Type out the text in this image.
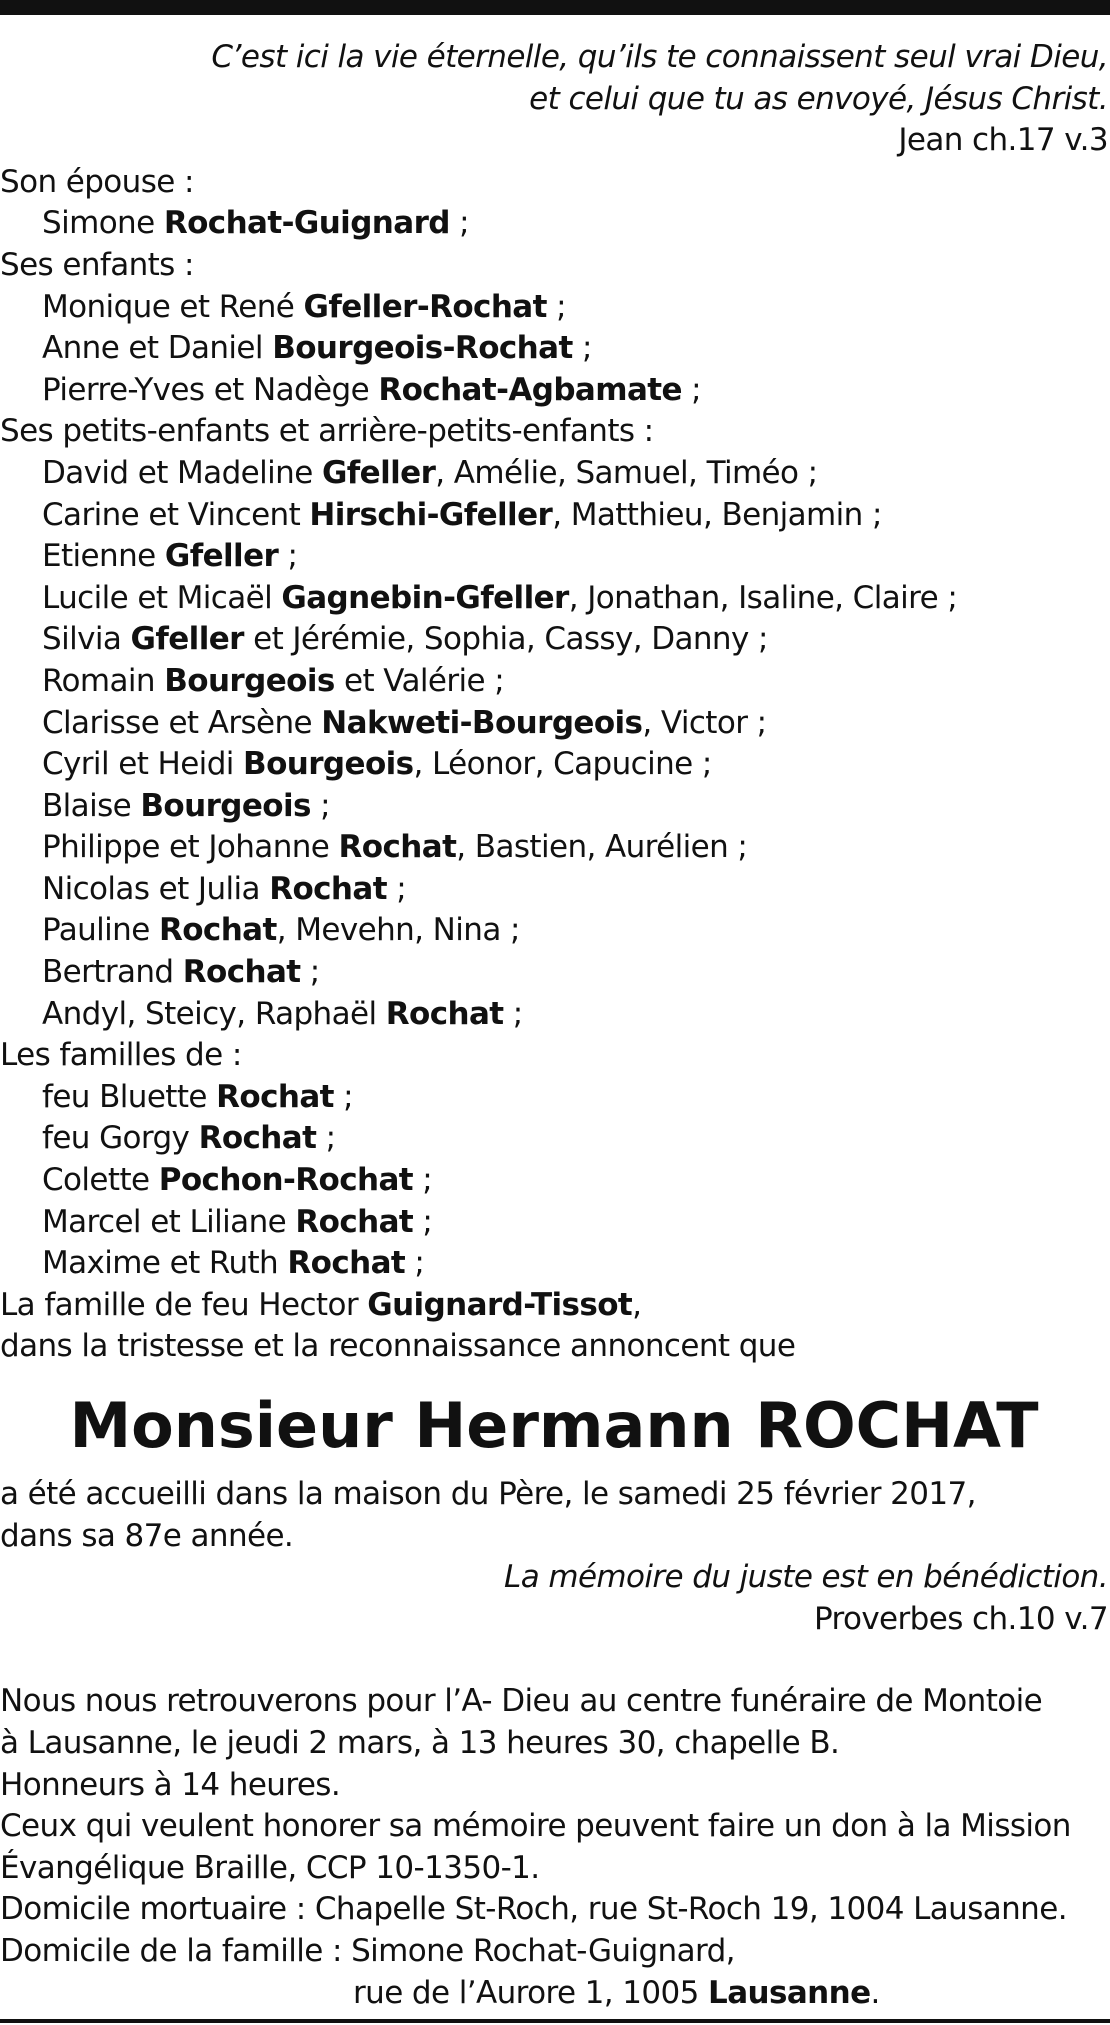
C’est ici la vie éternelle, qu’ils te connaissent seul vrai Dieu,
et celui que tu as envoyé, Jésus Christ.
Jean ch.17 v.3
Son épouse :
Simone Rochat-Guignard ;
Ses enfants :
Monique et René Gfeller-Rochat ;
Anne et Daniel Bourgeois-Rochat ;
Pierre-Yves et Nadège Rochat-Agbamate ;
Ses petits-enfants et arrière-petits-enfants :
David et Madeline Gfeller, Amélie, Samuel, Timéo ;
Carine et Vincent Hirschi-Gfeller, Matthieu, Benjamin ;
Etienne Gfeller ;
Lucile et Micaël Gagnebin-Gfeller, Jonathan, Isaline, Claire ;
Silvia Gfeller et Jérémie, Sophia, Cassy, Danny ;
Romain Bourgeois et Valérie ;
Clarisse et Arsène Nakweti-Bourgeois, Victor ;
Cyril et Heidi Bourgeois, Léonor, Capucine ;
Blaise Bourgeois ;
Philippe et Johanne Rochat, Bastien, Aurélien ;
Nicolas et Julia Rochat ;
Pauline Rochat, Mevehn, Nina ;
Bertrand Rochat ;
Andyl, Steicy, Raphaël Rochat ;
Les familles de :
feu Bluette Rochat ;
feu Gorgy Rochat ;
Colette Pochon-Rochat ;
Marcel et Liliane Rochat ;
Maxime et Ruth Rochat ;
La famille de feu Hector Guignard-Tissot,
dans la tristesse et la reconnaissance annoncent que
Monsieur Hermann ROCHAT
a été accueilli dans la maison du Père, le samedi 25 février 2017,
dans sa 87e année.
La mémoire du juste est en bénédiction.
Proverbes ch.10 v.7
Nous nous retrouverons pour l’A- Dieu au centre funéraire de Montoie
à Lausanne, le jeudi 2 mars, à 13 heures 30, chapelle B.
Honneurs à 14 heures.
Ceux qui veulent honorer sa mémoire peuvent faire un don à la Mission
Évangélique Braille, CCP 10-1350-1.
Domicile mortuaire : Chapelle St-Roch, rue St-Roch 19, 1004 Lausanne.
Domicile de la famille : Simone Rochat-Guignard,
rue de l’Aurore 1, 1005 Lausanne.
